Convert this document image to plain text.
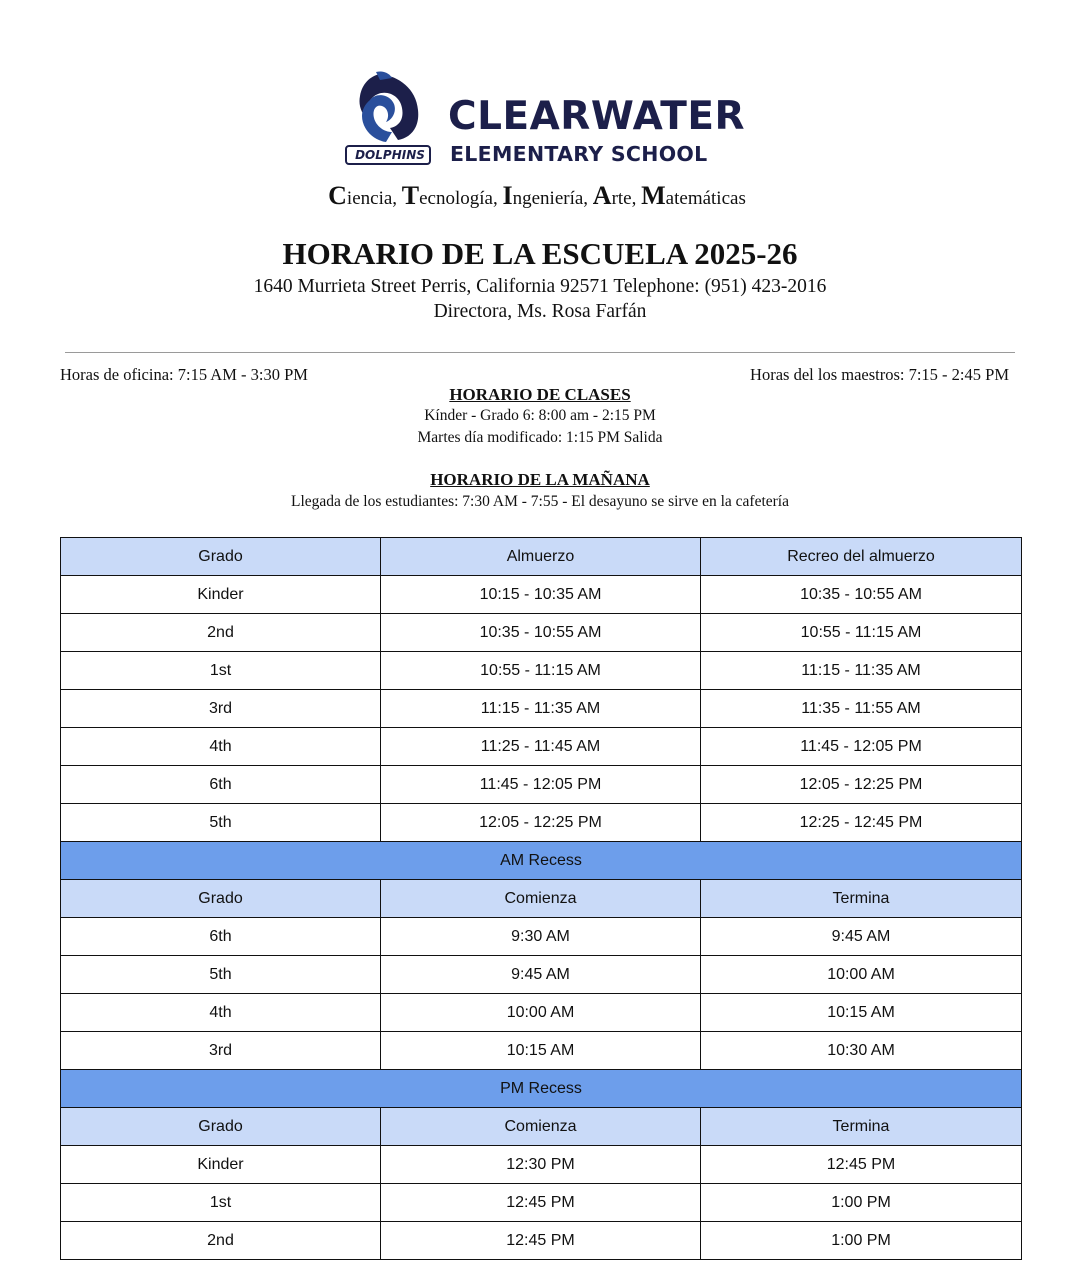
DOLPHINS
CLEARWATER
ELEMENTARY SCHOOL
Ciencia, Tecnología, Ingeniería, Arte, Matemáticas
HORARIO DE LA ESCUELA 2025-26
1640 Murrieta Street Perris, California 92571 Telephone: (951) 423-2016
Directora, Ms. Rosa Farfán
Horas de oficina: 7:15 AM - 3:30 PM	Horas del los maestros: 7:15 - 2:45 PM
HORARIO DE CLASES
Kínder - Grado 6: 8:00 am - 2:15 PM
Martes día modificado: 1:15 PM Salida
HORARIO DE LA MAÑANA
Llegada de los estudiantes: 7:30 AM - 7:55 - El desayuno se sirve en la cafetería
Grado	Almuerzo	Recreo del almuerzo
Kinder	10:15 - 10:35 AM	10:35 - 10:55 AM
2nd	10:35 - 10:55 AM	10:55 - 11:15 AM
1st	10:55 - 11:15 AM	11:15 - 11:35 AM
3rd	11:15 - 11:35 AM	11:35 - 11:55 AM
4th	11:25 - 11:45 AM	11:45 - 12:05 PM
6th	11:45 - 12:05 PM	12:05 - 12:25 PM
5th	12:05 - 12:25 PM	12:25 - 12:45 PM
AM Recess		
Grado	Comienza	Termina
6th	9:30 AM	9:45 AM
5th	9:45 AM	10:00 AM
4th	10:00 AM	10:15 AM
3rd	10:15 AM	10:30 AM
PM Recess		
Grado	Comienza	Termina
Kinder	12:30 PM	12:45 PM
1st	12:45 PM	1:00 PM
2nd	12:45 PM	1:00 PM
